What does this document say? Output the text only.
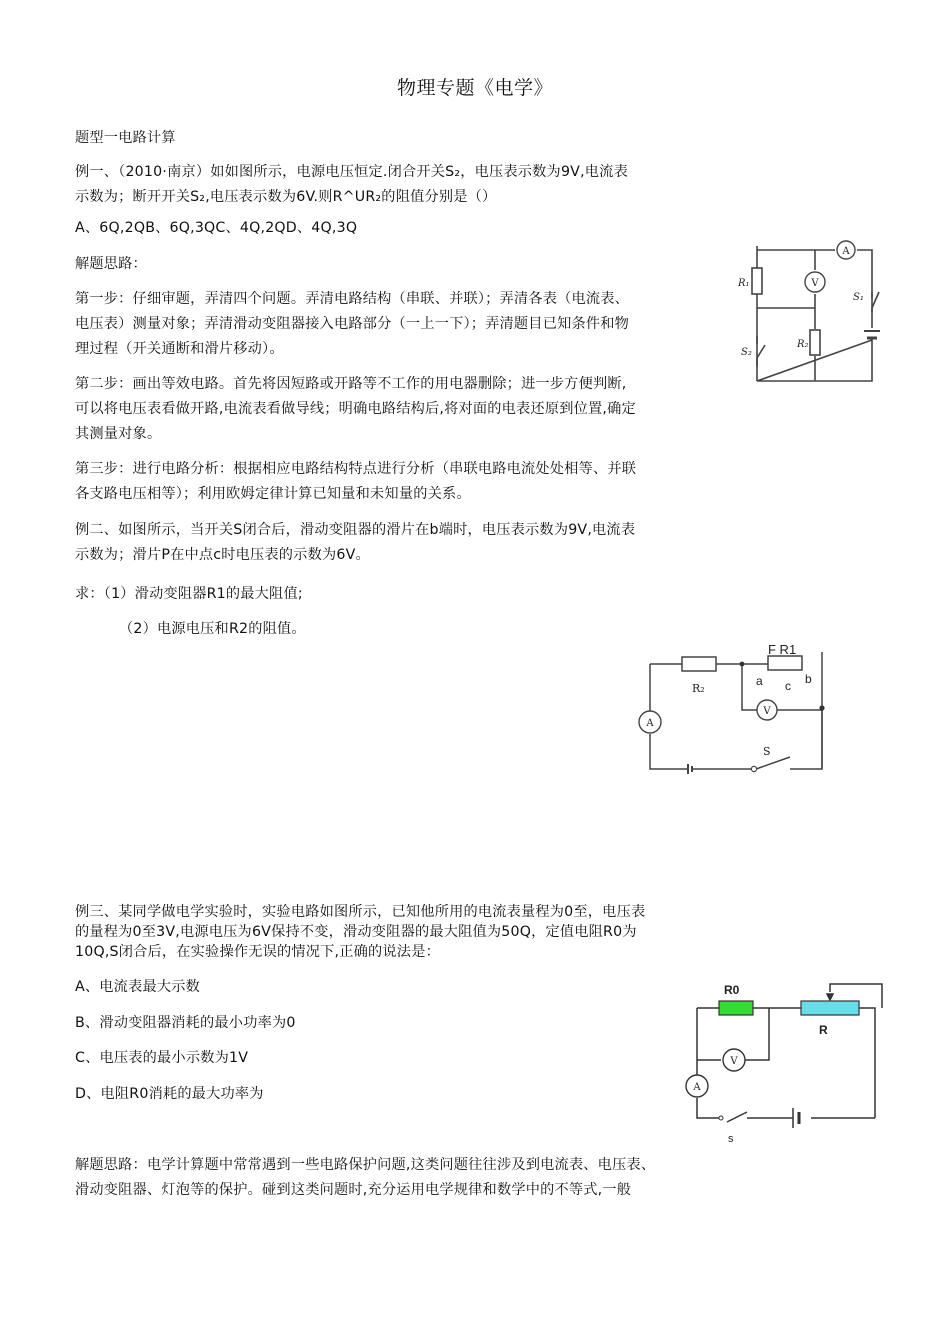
物理专题《电学》
题型一电路计算
例一、（2010·南京）如如图所示，电源电压恒定.闭合开关S₂，电压表示数为9V,电流表
示数为；断开开关S₂,电压表示数为6V.则R^UR₂的阻值分别是（）
A、6Q,2QB、6Q,3QC、4Q,2QD、4Q,3Q
解题思路：
第一步：仔细审题，弄清四个问题。弄清电路结构（串联、并联）；弄清各表（电流表、
电压表）测量对象；弄清滑动变阻器接入电路部分（一上一下）；弄清题目已知条件和物
理过程（开关通断和滑片移动）。
第二步：画出等效电路。首先将因短路或开路等不工作的用电器删除；进一步方便判断,
可以将电压表看做开路,电流表看做导线；明确电路结构后,将对面的电表还原到位置,确定
其测量对象。
第三步：进行电路分析：根据相应电路结构特点进行分析（串联电路电流处处相等、并联
各支路电压相等）；利用欧姆定律计算已知量和未知量的关系。
例二、如图所示，当开关S闭合后，滑动变阻器的滑片在b端时，电压表示数为9V,电流表
示数为；滑片P在中点c时电压表的示数为6V。
求：（1）滑动变阻器R1的最大阻值;
（2）电源电压和R2的阻值。
例三、某同学做电学实验时，实验电路如图所示，已知他所用的电流表量程为0至，电压表
的量程为0至3V,电源电压为6V保持不变，滑动变阻器的最大阻值为50Q，定值电阻R0为
10Q,S闭合后，在实验操作无误的情况下,正确的说法是：
A、电流表最大示数
B、滑动变阻器消耗的最小功率为0
C、电压表的最小示数为1V
D、电阻R0消耗的最大功率为
解题思路：电学计算题中常常遇到一些电路保护问题,这类问题往往涉及到电流表、电压表、
滑动变阻器、灯泡等的保护。碰到这类问题时,充分运用电学规律和数学中的不等式,一般
A
V
R₁
R₂
S₁
S₂
A
V
F R1
R₂
a c b
S
V
A
R0
R
s
